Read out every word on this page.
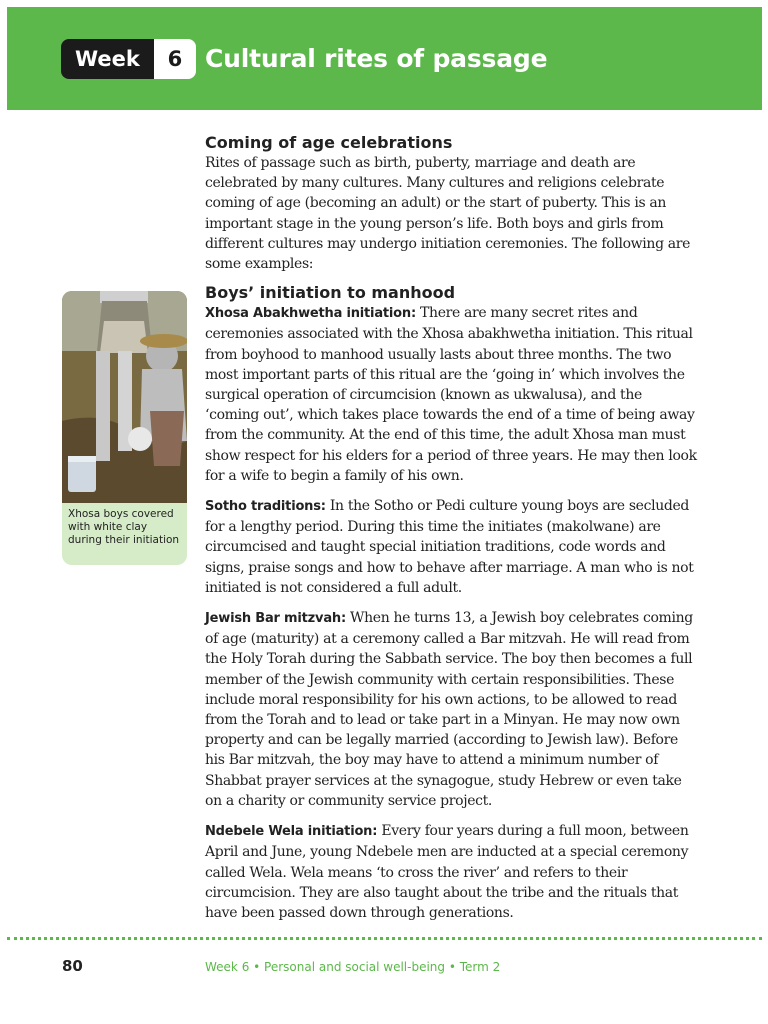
Week	6 Cultural rites of passage
Xhosa boys covered with white clay during their initiation
Coming of age celebrations

Rites of passage such as birth, puberty, marriage and death are celebrated by many cultures. Many cultures and religions celebrate coming of age (becoming an adult) or the start of puberty. This is an important stage in the young person’s life. Both boys and girls from different cultures may undergo initiation ceremonies. The following are some examples:

Boys’ initiation to manhood

Xhosa Abakhwetha initiation: There are many secret rites and ceremonies associated with the Xhosa abakhwetha initiation. This ritual from boyhood to manhood usually lasts about three months. The two most important parts of this ritual are the ‘going in’ which involves the surgical operation of circumcision (known as ukwalusa), and the ‘coming out’, which takes place towards the end of a time of being away from the community. At the end of this time, the adult Xhosa man must show respect for his elders for a period of three years. He may then look for a wife to begin a family of his own.

Sotho traditions: In the Sotho or Pedi culture young boys are secluded for a lengthy period. During this time the initiates (makolwane) are circumcised and taught special initiation traditions, code words and signs, praise songs and how to behave after marriage. A man who is not initiated is not considered a full adult.

Jewish Bar mitzvah: When he turns 13, a Jewish boy celebrates coming of age (maturity) at a ceremony called a Bar mitzvah. He will read from the Holy Torah during the Sabbath service. The boy then becomes a full member of the Jewish community with certain responsibilities. These include moral responsibility for his own actions, to be allowed to read from the Torah and to lead or take part in a Minyan. He may now own property and can be legally married (according to Jewish law). Before his Bar mitzvah, the boy may have to attend a minimum number of Shabbat prayer services at the synagogue, study Hebrew or even take on a charity or community service project.

Ndebele Wela initiation: Every four years during a full moon, between April and June, young Ndebele men are inducted at a special ceremony called Wela. Wela means ‘to cross the river’ and refers to their circumcision. They are also taught about the tribe and the rituals that have been passed down through generations.

80	Week 6 • Personal and social well-being • Term 2
